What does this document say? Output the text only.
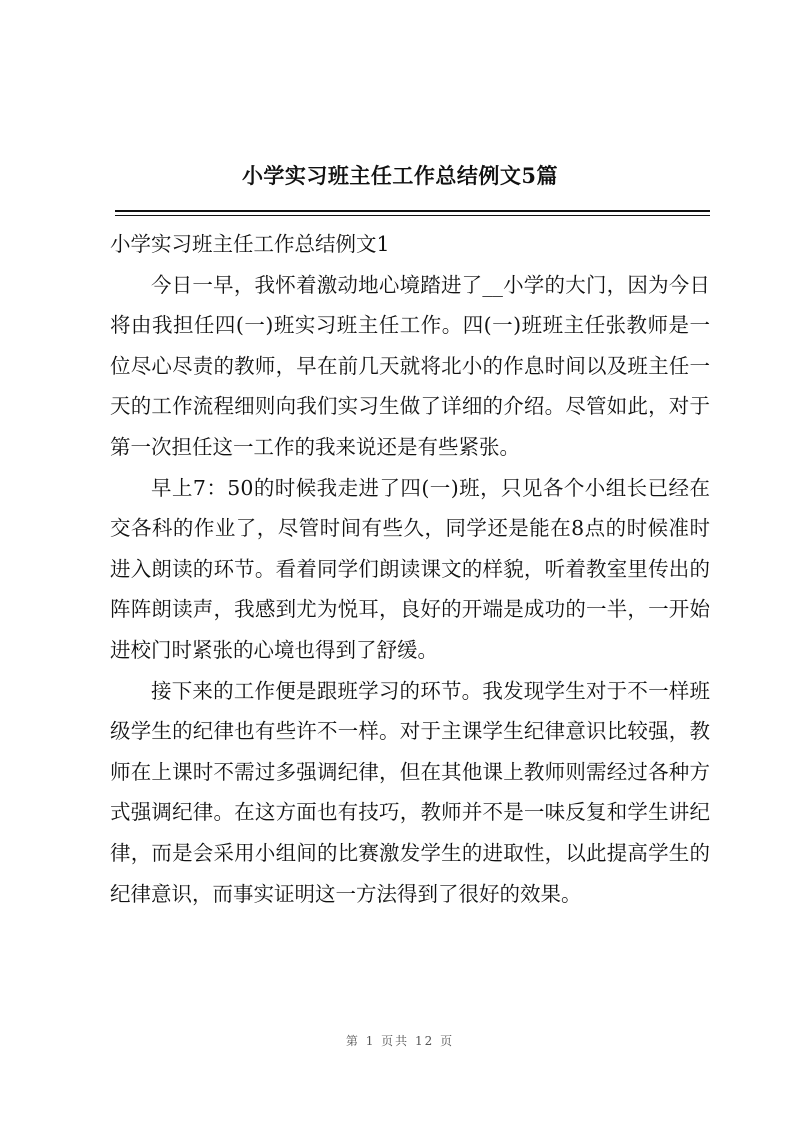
小学实习班主任工作总结例文5篇

小学实习班主任工作总结例文1

今日一早，我怀着激动地心境踏进了__小学的大门，因为今日将由我担任四(一)班实习班主任工作。四(一)班班主任张教师是一位尽心尽责的教师，早在前几天就将北小的作息时间以及班主任一天的工作流程细则向我们实习生做了详细的介绍。尽管如此，对于第一次担任这一工作的我来说还是有些紧张。

早上7：50的时候我走进了四(一)班，只见各个小组长已经在交各科的作业了，尽管时间有些久，同学还是能在8点的时候准时进入朗读的环节。看着同学们朗读课文的样貌，听着教室里传出的阵阵朗读声，我感到尤为悦耳，良好的开端是成功的一半，一开始进校门时紧张的心境也得到了舒缓。

接下来的工作便是跟班学习的环节。我发现学生对于不一样班级学生的纪律也有些许不一样。对于主课学生纪律意识比较强，教师在上课时不需过多强调纪律，但在其他课上教师则需经过各种方式强调纪律。在这方面也有技巧，教师并不是一味反复和学生讲纪律，而是会采用小组间的比赛激发学生的进取性，以此提高学生的纪律意识，而事实证明这一方法得到了很好的效果。

第 1 页共 12 页
